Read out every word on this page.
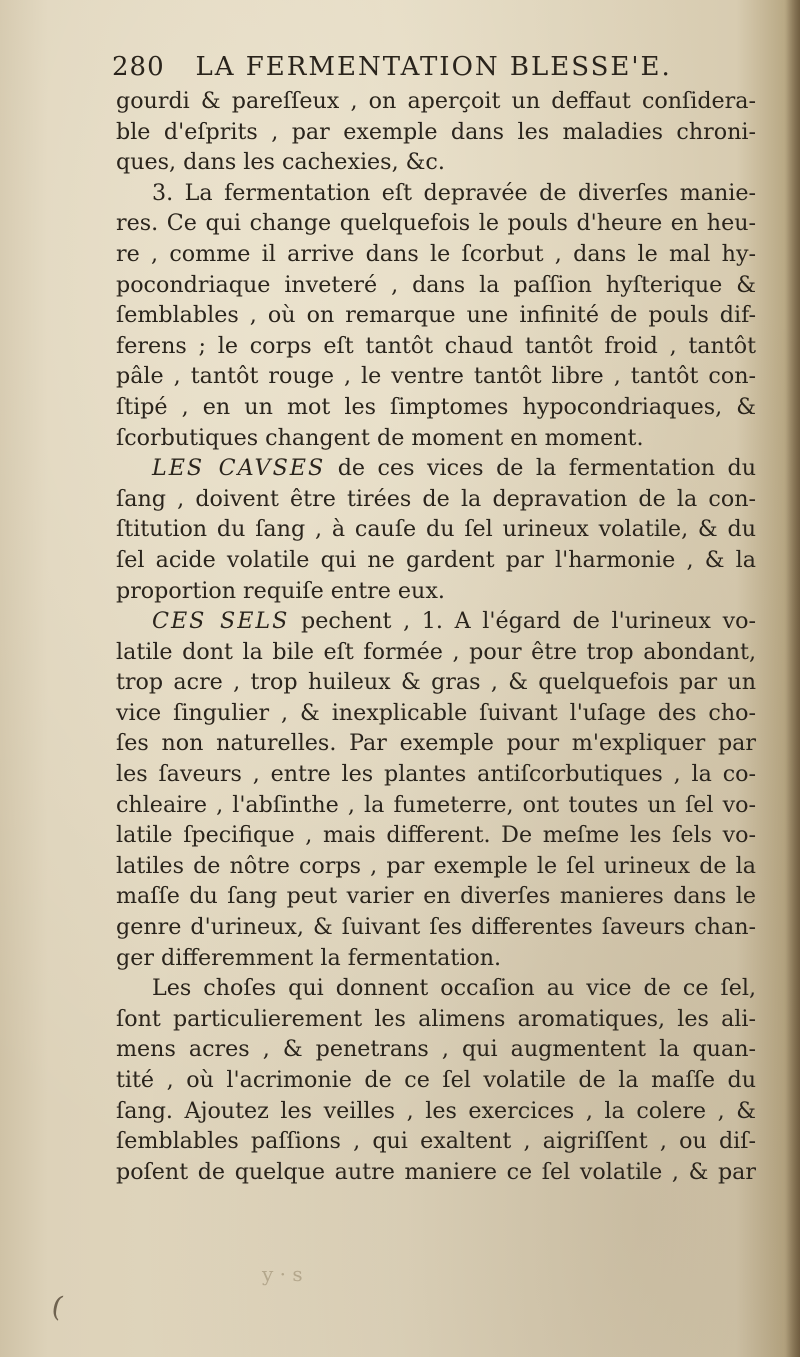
280 LA FERMENTATION BLESSE'E.
gourdi & pareſſeux , on aperçoit un deffaut conſidera-
ble d'eſprits , par exemple dans les maladies chroni-
ques, dans les cachexies, &c.
3. La fermentation eſt depravée de diverſes manie-
res. Ce qui change quelquefois le pouls d'heure en heu-
re , comme il arrive dans le ſcorbut , dans le mal hy-
pocondriaque inveteré , dans la paſſion hyſterique &
ſemblables , où on remarque une infinité de pouls dif-
ferens ; le corps eſt tantôt chaud tantôt froid , tantôt
pâle , tantôt rouge , le ventre tantôt libre , tantôt con-
ſtipé , en un mot les ſimptomes hypocondriaques, &
ſcorbutiques changent de moment en moment.
LES CAVSES de ces vices de la fermentation du
ſang , doivent être tirées de la depravation de la con-
ſtitution du ſang , à cauſe du ſel urineux volatile, & du
ſel acide volatile qui ne gardent par l'harmonie , & la
proportion requiſe entre eux.
CES SELS pechent , 1. A l'égard de l'urineux vo-
latile dont la bile eſt formée , pour être trop abondant,
trop acre , trop huileux & gras , & quelquefois par un
vice ſingulier , & inexplicable ſuivant l'uſage des cho-
ſes non naturelles. Par exemple pour m'expliquer par
les ſaveurs , entre les plantes antiſcorbutiques , la co-
chleaire , l'abſinthe , la fumeterre, ont toutes un ſel vo-
latile ſpecifique , mais different. De meſme les ſels vo-
latiles de nôtre corps , par exemple le ſel urineux de la
maſſe du ſang peut varier en diverſes manieres dans le
genre d'urineux, & ſuivant ſes differentes ſaveurs chan-
ger differemment la fermentation.
Les choſes qui donnent occaſion au vice de ce ſel,
ſont particulierement les alimens aromatiques, les ali-
mens acres , & penetrans , qui augmentent la quan-
tité , où l'acrimonie de ce ſel volatile de la maſſe du
ſang. Ajoutez les veilles , les exercices , la colere , &
ſemblables paſſions , qui exaltent , aigriſſent , ou diſ-
poſent de quelque autre maniere ce ſel volatile , & par
(
y · s
